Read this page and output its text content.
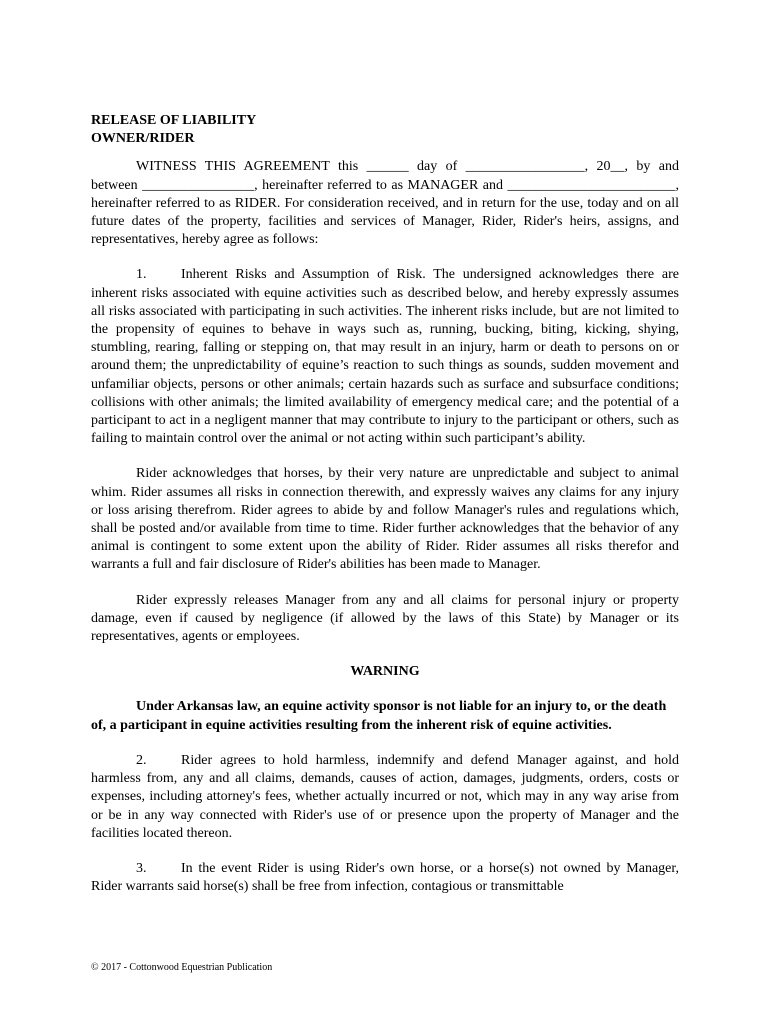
RELEASE OF LIABILITY

OWNER/RIDER

WITNESS THIS AGREEMENT this ______ day of _________________, 20__, by and between ________________, hereinafter referred to as MANAGER and ________________________, hereinafter referred to as RIDER. For consideration received, and in return for the use, today and on all future dates of the property, facilities and services of Manager, Rider, Rider's heirs, assigns, and representatives, hereby agree as follows:

1. Inherent Risks and Assumption of Risk. The undersigned acknowledges there are inherent risks associated with equine activities such as described below, and hereby expressly assumes all risks associated with participating in such activities. The inherent risks include, but are not limited to the propensity of equines to behave in ways such as, running, bucking, biting, kicking, shying, stumbling, rearing, falling or stepping on, that may result in an injury, harm or death to persons on or around them; the unpredictability of equine’s reaction to such things as sounds, sudden movement and unfamiliar objects, persons or other animals; certain hazards such as surface and subsurface conditions; collisions with other animals; the limited availability of emergency medical care; and the potential of a participant to act in a negligent manner that may contribute to injury to the participant or others, such as failing to maintain control over the animal or not acting within such participant’s ability.

Rider acknowledges that horses, by their very nature are unpredictable and subject to animal whim. Rider assumes all risks in connection therewith, and expressly waives any claims for any injury or loss arising therefrom. Rider agrees to abide by and follow Manager's rules and regulations which, shall be posted and/or available from time to time. Rider further acknowledges that the behavior of any animal is contingent to some extent upon the ability of Rider. Rider assumes all risks therefor and warrants a full and fair disclosure of Rider's abilities has been made to Manager.

Rider expressly releases Manager from any and all claims for personal injury or property damage, even if caused by negligence (if allowed by the laws of this State) by Manager or its representatives, agents or employees.

WARNING

Under Arkansas law, an equine activity sponsor is not liable for an injury to, or the death of, a participant in equine activities resulting from the inherent risk of equine activities.

2. Rider agrees to hold harmless, indemnify and defend Manager against, and hold harmless from, any and all claims, demands, causes of action, damages, judgments, orders, costs or expenses, including attorney's fees, whether actually incurred or not, which may in any way arise from or be in any way connected with Rider's use of or presence upon the property of Manager and the facilities located thereon.

3. In the event Rider is using Rider's own horse, or a horse(s) not owned by Manager, Rider warrants said horse(s) shall be free from infection, contagious or transmittable

© 2017 - Cottonwood Equestrian Publication
